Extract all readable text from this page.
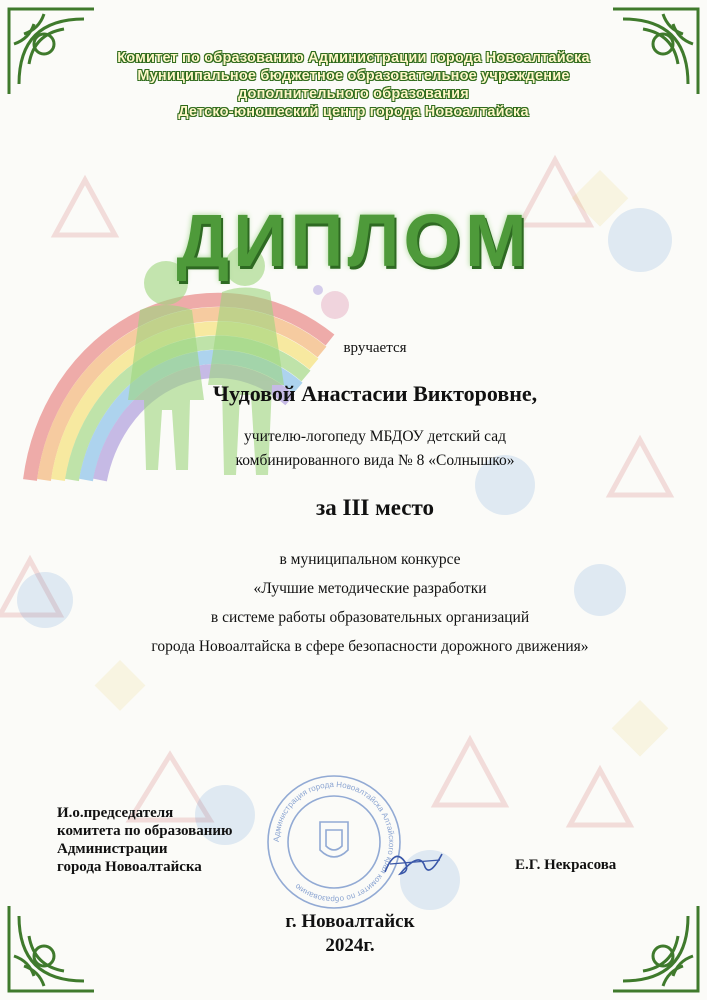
Комитет по образованию Администрации города Новоалтайска
Муниципальное бюджетное образовательное учреждение
дополнительного образования
Детско-юношеский центр города Новоалтайска
ДИПЛОМ
вручается
Чудовой Анастасии Викторовне,
учителю-логопеду МБДОУ детский сад
комбинированного вида № 8 «Солнышко»
за III место
в муниципальном конкурсе
«Лучшие методические разработки
в системе работы образовательных организаций
города Новоалтайска в сфере безопасности дорожного движения»
Администрация города Новоалтайска Алтайского края комитет по образованию
И.о.председателя
комитета по образованию
Администрации
города Новоалтайска	Е.Г. Некрасова
г. Новоалтайск
2024г.
